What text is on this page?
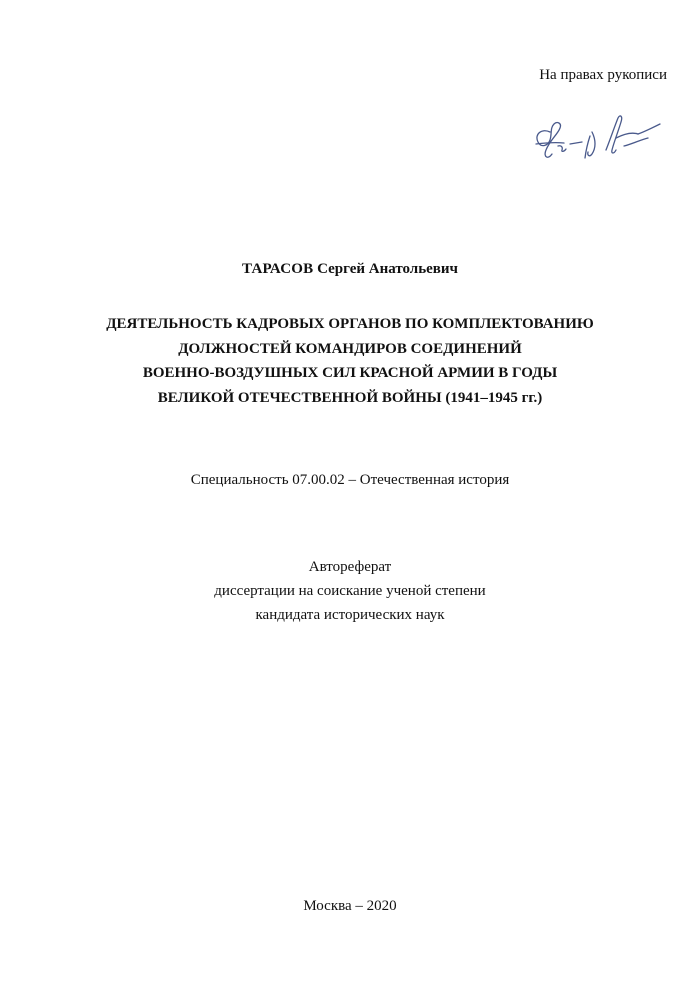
На правах рукописи
ТАРАСОВ Сергей Анатольевич
ДЕЯТЕЛЬНОСТЬ КАДРОВЫХ ОРГАНОВ ПО КОМПЛЕКТОВАНИЮ
ДОЛЖНОСТЕЙ КОМАНДИРОВ СОЕДИНЕНИЙ
ВОЕННО-ВОЗДУШНЫХ СИЛ КРАСНОЙ АРМИИ В ГОДЫ
ВЕЛИКОЙ ОТЕЧЕСТВЕННОЙ ВОЙНЫ (1941–1945 гг.)
Специальность 07.00.02 – Отечественная история
Автореферат
диссертации на соискание ученой степени
кандидата исторических наук
Москва – 2020
